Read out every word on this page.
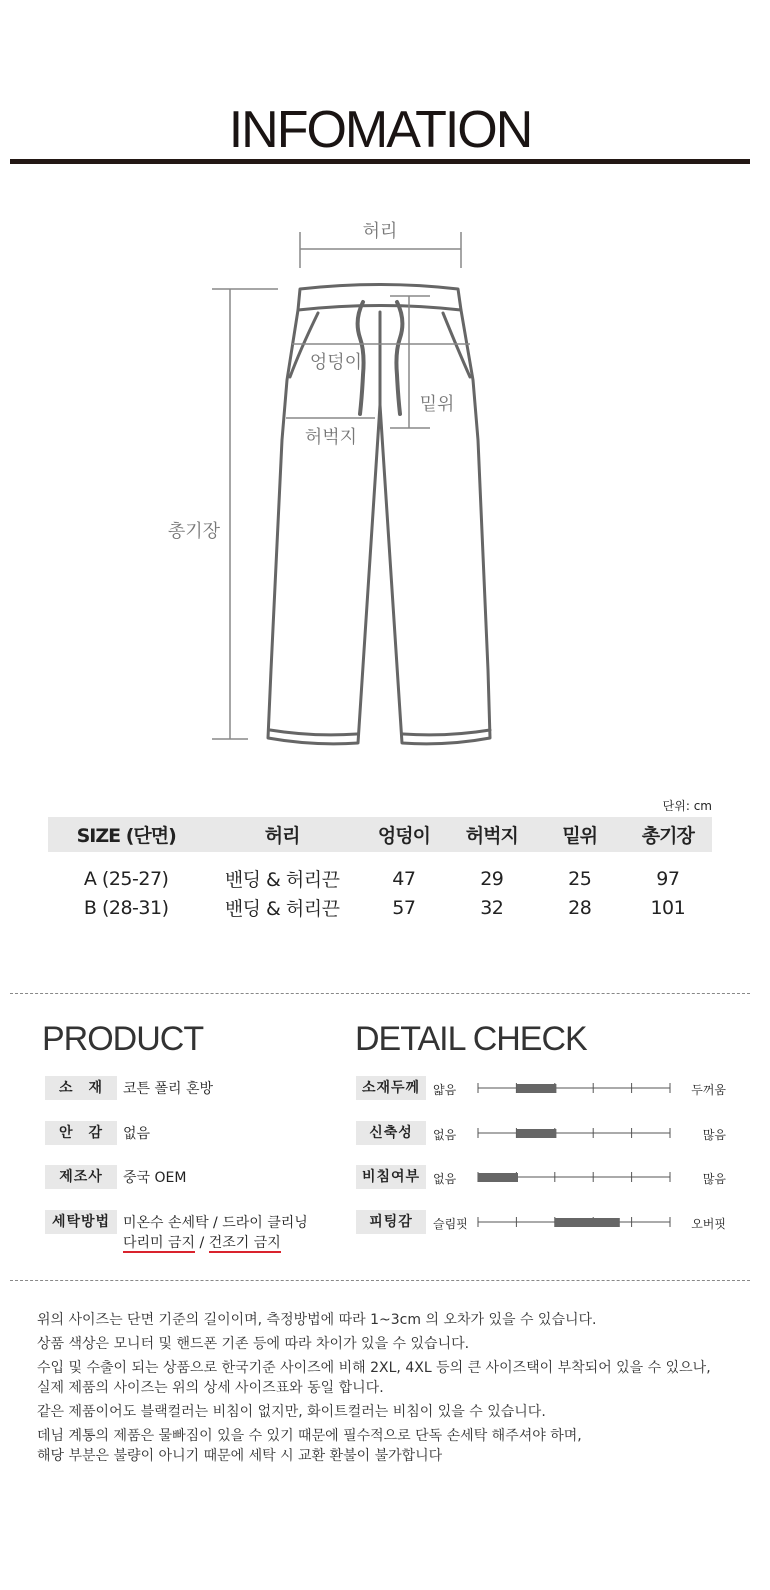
INFOMATION
허리
총기장
엉덩이
밑위
허벅지
단위: cm
SIZE (단면)	허리	엉덩이	허벅지	밑위	총기장
A (25-27)	밴딩 & 허리끈	47	29	25	97
B (28-31)	밴딩 & 허리끈	57	32	28	101
PRODUCT
소　재	코튼 폴리 혼방
안　감	없음
제조사	중국 OEM
세탁방법 미온수 손세탁 / 드라이 클리닝
다리미 금지 / 건조기 금지
DETAIL CHECK
소재두께	얇음	두꺼움
신축성	없음	많음
비침여부	없음	많음
피팅감	슬림핏	오버핏

위의 사이즈는 단면 기준의 길이이며, 측정방법에 따라 1~3cm 의 오차가 있을 수 있습니다.

상품 색상은 모니터 및 핸드폰 기존 등에 따라 차이가 있을 수 있습니다.

수입 및 수출이 되는 상품으로 한국기준 사이즈에 비해 2XL, 4XL 등의 큰 사이즈택이 부착되어 있을 수 있으나,
실제 제품의 사이즈는 위의 상세 사이즈표와 동일 합니다.

같은 제품이어도 블랙컬러는 비침이 없지만, 화이트컬러는 비침이 있을 수 있습니다.

데님 계통의 제품은 물빠짐이 있을 수 있기 때문에 필수적으로 단독 손세탁 해주셔야 하며,
해당 부분은 불량이 아니기 때문에 세탁 시 교환 환불이 불가합니다
